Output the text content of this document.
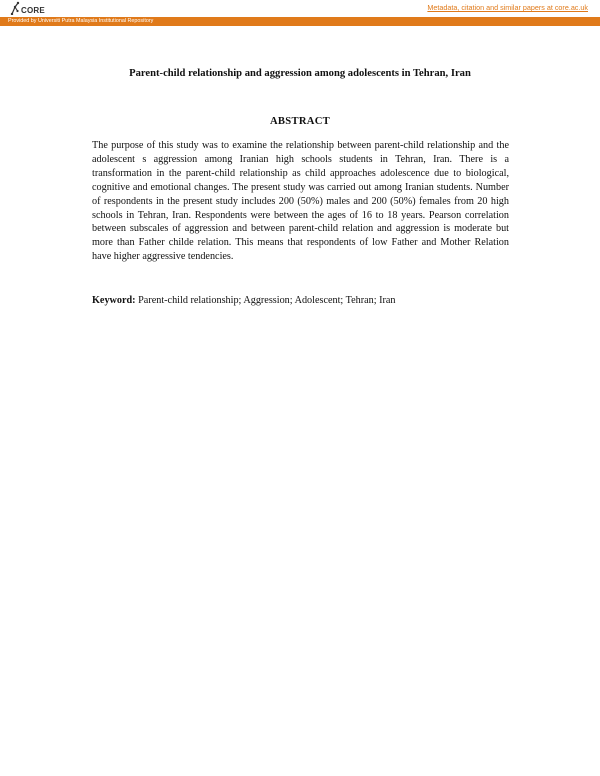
CORE	Metadata, citation and similar papers at core.ac.uk
Provided by Universiti Putra Malaysia Institutional Repository
Parent-child relationship and aggression among adolescents in Tehran, Iran
ABSTRACT

The purpose of this study was to examine the relationship between parent-child relationship and the adolescent s aggression among Iranian high schools students in Tehran, Iran. There is a transformation in the parent-child relationship as child approaches adolescence due to biological, cognitive and emotional changes. The present study was carried out among Iranian students. Number of respondents in the present study includes 200 (50%) males and 200 (50%) females from 20 high schools in Tehran, Iran. Respondents were between the ages of 16 to 18 years. Pearson correlation between subscales of aggression and between parent-child relation and aggression is moderate but more than Father childe relation. This means that respondents of low Father and Mother Relation have higher aggressive tendencies.

Keyword: Parent-child relationship; Aggression; Adolescent; Tehran; Iran
